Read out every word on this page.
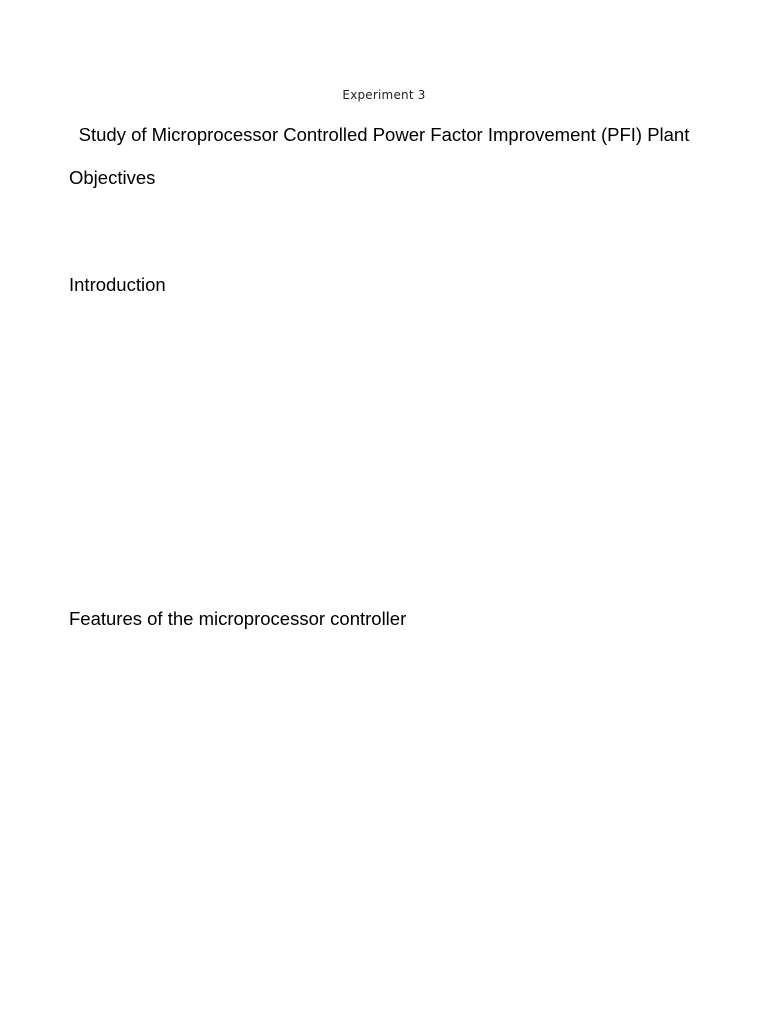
Experiment 3
Study of Microprocessor Controlled Power Factor Improvement (PFI) Plant
Objectives
Introduction
Features of the microprocessor controller
